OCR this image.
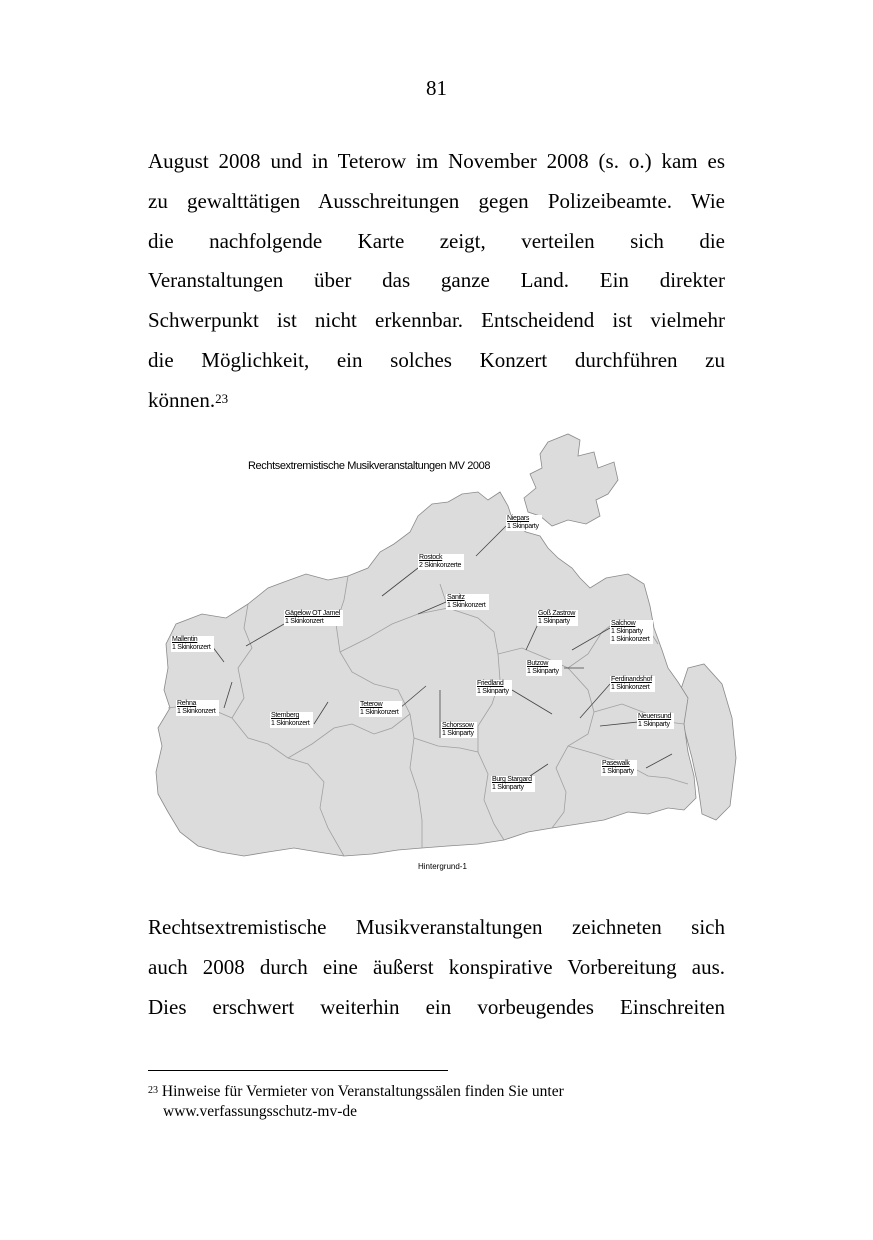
81
August 2008 und in Teterow im November 2008 (s. o.) kam es
zu gewalttätigen Ausschreitungen gegen Polizeibeamte. Wie
die nachfolgende Karte zeigt, verteilen sich die
Veranstaltungen über das ganze Land. Ein direkter
Schwerpunkt ist nicht erkennbar. Entscheidend ist vielmehr
die Möglichkeit, ein solches Konzert durchführen zu
können.$^{23}$
Rechtsextremistische Musikveranstaltungen MV 2008
Niepars
1 Skinparty
Rostock
2 Skinkonzerte
Sanitz
1 Skinkonzert
Gägelow OT Jamel
1 Skinkonzert
Goß Zastrow
1 Skinparty	Salchow
1 Skinparty
1 Skinkonzert
Mallentin
1 Skinkonzert
Butzow
1 Skinparty
Friedland
1 Skinparty
Ferdinandshof
1 Skinkonzert
Rehna
1 Skinkonzert
Teterow
1 Skinkonzert
Sternberg
1 Skinkonzert	Schorssow
1 Skinparty
Neuensund
1 Skinparty
Pasewalk
1 Skinparty
Burg Stargard
1 Skinparty
Hintergrund-1
Rechtsextremistische Musikveranstaltungen zeichneten sich
auch 2008 durch eine äußerst konspirative Vorbereitung aus.
Dies erschwert weiterhin ein vorbeugendes Einschreiten
$^{23}$ Hinweise für Vermieter von Veranstaltungssälen finden Sie unter
www.verfassungsschutz-mv-de
